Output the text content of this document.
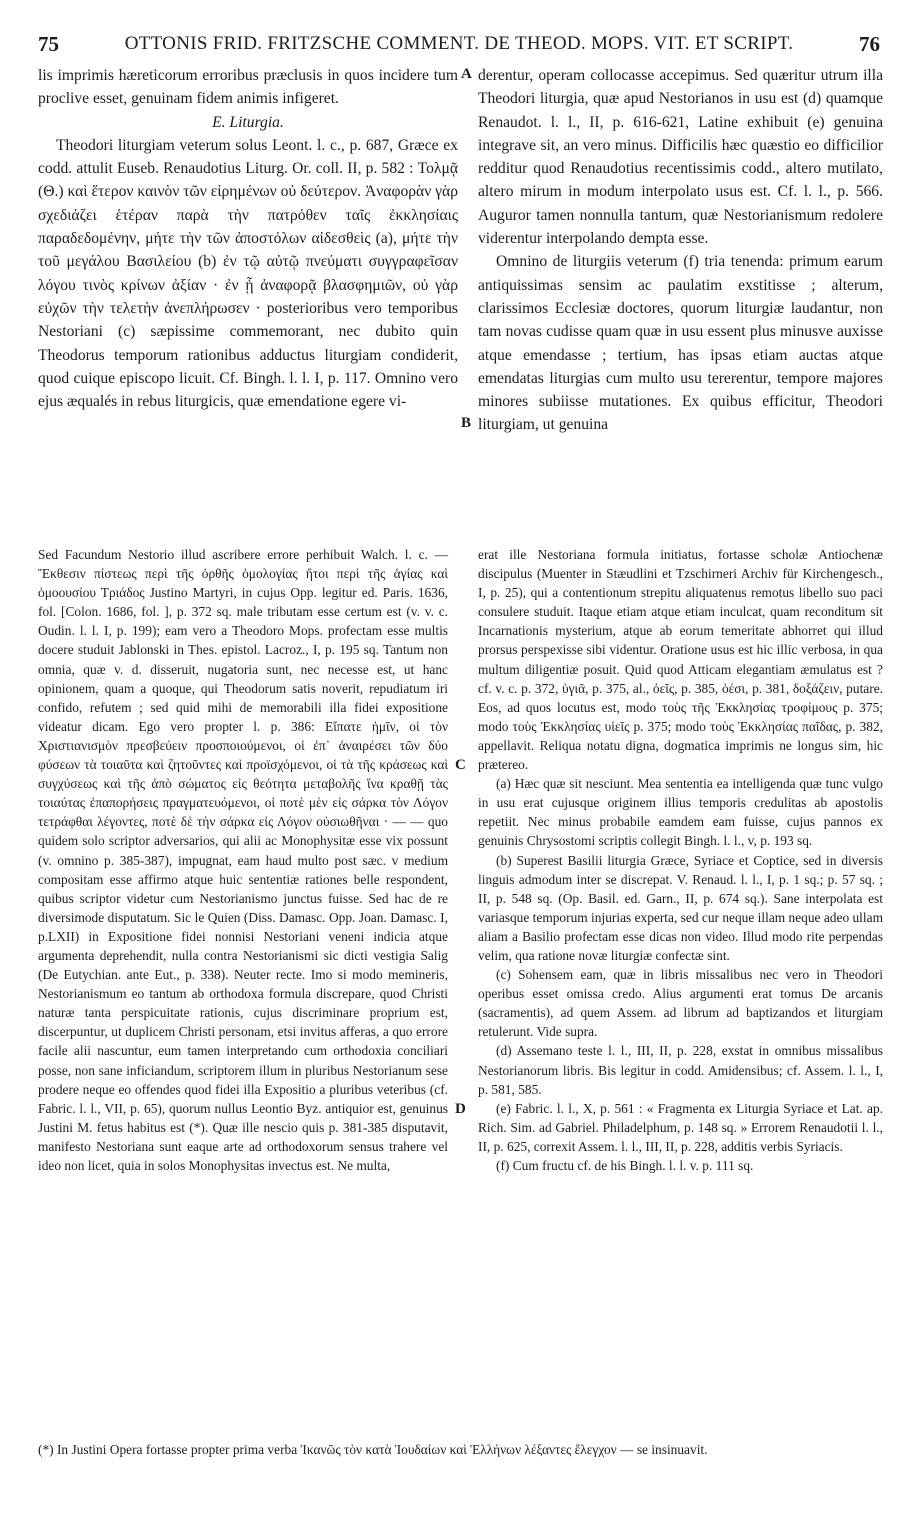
75	OTTONIS FRID. FRITZSCHE COMMENT. DE THEOD. MOPS. VIT. ET SCRIPT.	76

lis imprimis hæreticorum erroribus præclusis in quos incidere tum proclive esset, genuinam fidem animis infigeret.

E. Liturgia.

Theodori liturgiam veterum solus Leont. l. c., p. 687, Græce ex codd. attulit Euseb. Renaudotius Liturg. Or. coll. II, p. 582 : Τολμᾷ (Θ.) καὶ ἕτερον καινὸν τῶν εἰρημένων οὐ δεύτερον. Ἀναφορὰν γὰρ σχεδιάζει ἑτέραν παρὰ τὴν πατρόθεν ταῖς ἐκκλησίαις παραδεδομένην, μήτε τὴν τῶν ἀποστόλων αἰδεσθεὶς (a), μήτε τὴν τοῦ μεγάλου Βασιλείου (b) ἐν τῷ αὐτῷ πνεύματι συγγραφεῖσαν λόγου τινὸς κρίνων ἀξίαν · ἐν ᾗ ἀναφορᾷ βλασφημιῶν, οὐ γὰρ εὐχῶν τὴν τελετὴν ἀνεπλήρωσεν · posterioribus vero temporibus Nestoriani (c) sæpissime commemorant, nec dubito quin Theodorus temporum rationibus adductus liturgiam condiderit, quod cuique episcopo licuit. Cf. Bingh. l. l. I, p. 117. Omnino vero ejus æqualés in rebus liturgicis, quæ emendatione egere vi-

derentur, operam collocasse accepimus. Sed quæritur utrum illa Theodori liturgia, quæ apud Nestorianos in usu est (d) quamque Renaudot. l. l., II, p. 616-621, Latine exhibuit (e) genuina integrave sit, an vero minus. Difficilis hæc quæstio eo difficilior redditur quod Renaudotius recentissimis codd., altero mutilato, altero mirum in modum interpolato usus est. Cf. l. l., p. 566. Auguror tamen nonnulla tantum, quæ Nestorianismum redolere viderentur interpolando dempta esse.

Omnino de liturgiis veterum (f) tria tenenda: primum earum antiquissimas sensim ac paulatim exstitisse ; alterum, clarissimos Ecclesiæ doctores, quorum liturgiæ laudantur, non tam novas cudisse quam quæ in usu essent plus minusve auxisse atque emendasse ; tertium, has ipsas etiam auctas atque emendatas liturgias cum multo usu tererentur, tempore majores minores subiisse mutationes. Ex quibus efficitur, Theodori liturgiam, ut genuina

A
B
C
D

Sed Facundum Nestorio illud ascribere errore perhibuit Walch. l. c. — Ἔκθεσιν πίστεως περὶ τῆς ὀρθῆς ὁμολογίας ἤτοι περὶ τῆς ἁγίας καὶ ὁμοουσίου Τριάδος Justino Martyri, in cujus Opp. legitur ed. Paris. 1636, fol. [Colon. 1686, fol. ], p. 372 sq. male tributam esse certum est (v. v. c. Oudin. l. l. I, p. 199); eam vero a Theodoro Mops. profectam esse multis docere studuit Jablonski in Thes. epistol. Lacroz., I, p. 195 sq. Tantum non omnia, quæ v. d. disseruit, nugatoria sunt, nec necesse est, ut hanc opinionem, quam a quoque, qui Theodorum satis noverit, repudiatum iri confido, refutem ; sed quid mihi de memorabili illa fidei expositione videatur dicam. Ego vero propter l. p. 386: Εἴπατε ἡμῖν, οἱ τὸν Χριστιανισμὸν πρεσβεύειν προσποιούμενοι, οἱ ἐπ᾽ ἀναιρέσει τῶν δύο φύσεων τὰ τοιαῦτα καὶ ζητοῦντες καὶ προϊσχόμενοι, οἱ τὰ τῆς κράσεως καὶ συγχύσεως καὶ τῆς ἀπὸ σώματος εἰς θεότητα μεταβολῆς ἵνα κραθῇ τὰς τοιαύτας ἐπαπορήσεις πραγματευόμενοι, οἱ ποτὲ μὲν εἰς σάρκα τὸν Λόγον τετράφθαι λέγοντες, ποτὲ δὲ τὴν σάρκα εἰς Λόγον οὐσιωθῆναι · — — quo quidem solo scriptor adversarios, qui alii ac Monophysitæ esse vix possunt (v. omnino p. 385-387), impugnat, eam haud multo post sæc. v medium compositam esse affirmo atque huic sententiæ rationes belle respondent, quibus scriptor videtur cum Nestorianismo junctus fuisse. Sed hac de re diversimode disputatum. Sic le Quien (Diss. Damasc. Opp. Joan. Damasc. I, p.LXII) in Expositione fidei nonnisi Nestoriani veneni indicia atque argumenta deprehendit, nulla contra Nestorianismi sic dicti vestigia Salig (De Eutychian. ante Eut., p. 338). Neuter recte. Imo si modo memineris, Nestorianismum eo tantum ab orthodoxa formula discrepare, quod Christi naturæ tanta perspicuitate rationis, cujus discriminare proprium est, discerpuntur, ut duplicem Christi personam, etsi invitus afferas, a quo errore facile alii nascuntur, eum tamen interpretando cum orthodoxia conciliari posse, non sane inficiandum, scriptorem illum in pluribus Nestorianum sese prodere neque eo offendes quod fidei illa Expositio a pluribus veteribus (cf. Fabric. l. l., VII, p. 65), quorum nullus Leontio Byz. antiquior est, genuinus Justini M. fetus habitus est (*). Quæ ille nescio quis p. 381-385 disputavit, manifesto Nestoriana sunt eaque arte ad orthodoxorum sensus trahere vel ideo non licet, quia in solos Monophysitas invectus est. Ne multa,

erat ille Nestoriana formula initiatus, fortasse scholæ Antiochenæ discipulus (Muenter in Stæudlini et Tzschirneri Archiv für Kirchengesch., I, p. 25), qui a contentionum strepitu aliquatenus remotus libello suo paci consulere studuit. Itaque etiam atque etiam inculcat, quam reconditum sit Incarnationis mysterium, atque ab eorum temeritate abhorret qui illud prorsus perspexisse sibi videntur. Oratione usus est hic illic verbosa, in qua multum diligentiæ posuit. Quid quod Atticam elegantiam æmulatus est ? cf. v. c. p. 372, ὑγιᾶ, p. 375, al., ὀεῖς, p. 385, ὁέσι, p. 381, δοξάζειν, putare. Eos, ad quos locutus est, modo τοὺς τῆς Ἐκκλησίας τροφίμους p. 375; modo τοὺς Ἐκκλησίας υἱεῖς p. 375; modo τοὺς Ἐκκλησίας παῖδας, p. 382, appellavit. Reliqua notatu digna, dogmatica imprimis ne longus sim, hic prætereo.

(a) Hæc quæ sit nesciunt. Mea sententia ea intelligenda quæ tunc vulgo in usu erat cujusque originem illius temporis credulitas ab apostolis repetiit. Nec minus probabile eamdem eam fuisse, cujus pannos ex genuinis Chrysostomi scriptis collegit Bingh. l. l., v, p. 193 sq.

(b) Superest Basilii liturgia Græce, Syriace et Coptice, sed in diversis linguis admodum inter se discrepat. V. Renaud. l. l., I, p. 1 sq.; p. 57 sq. ; II, p. 548 sq. (Op. Basil. ed. Garn., II, p. 674 sq.). Sane interpolata est variasque temporum injurias experta, sed cur neque illam neque adeo ullam aliam a Basilio profectam esse dicas non video. Illud modo rite perpendas velim, qua ratione novæ liturgiæ confectæ sint.

(c) Sohensem eam, quæ in libris missalibus nec vero in Theodori operibus esset omissa credo. Alius argumenti erat tomus De arcanis (sacramentis), ad quem Assem. ad librum ad baptizandos et liturgiam retulerunt. Vide supra.

(d) Assemano teste l. l., III, II, p. 228, exstat in omnibus missalibus Nestorianorum libris. Bis legitur in codd. Amidensibus; cf. Assem. l. l., I, p. 581, 585.

(e) Fabric. l. l., X, p. 561 : « Fragmenta ex Liturgia Syriace et Lat. ap. Rich. Sim. ad Gabriel. Philadelphum, p. 148 sq. » Errorem Renaudotii l. l., II, p. 625, correxit Assem. l. l., III, II, p. 228, additis verbis Syriacis.

(f) Cum fructu cf. de his Bingh. l. l. v. p. 111 sq.

(*) In Justini Opera fortasse propter prima verba Ἱκανῶς τὸν κατὰ Ἰουδαίων καὶ Ἑλλήνων λέξαντες ἔλεγχον — se insinuavit.
